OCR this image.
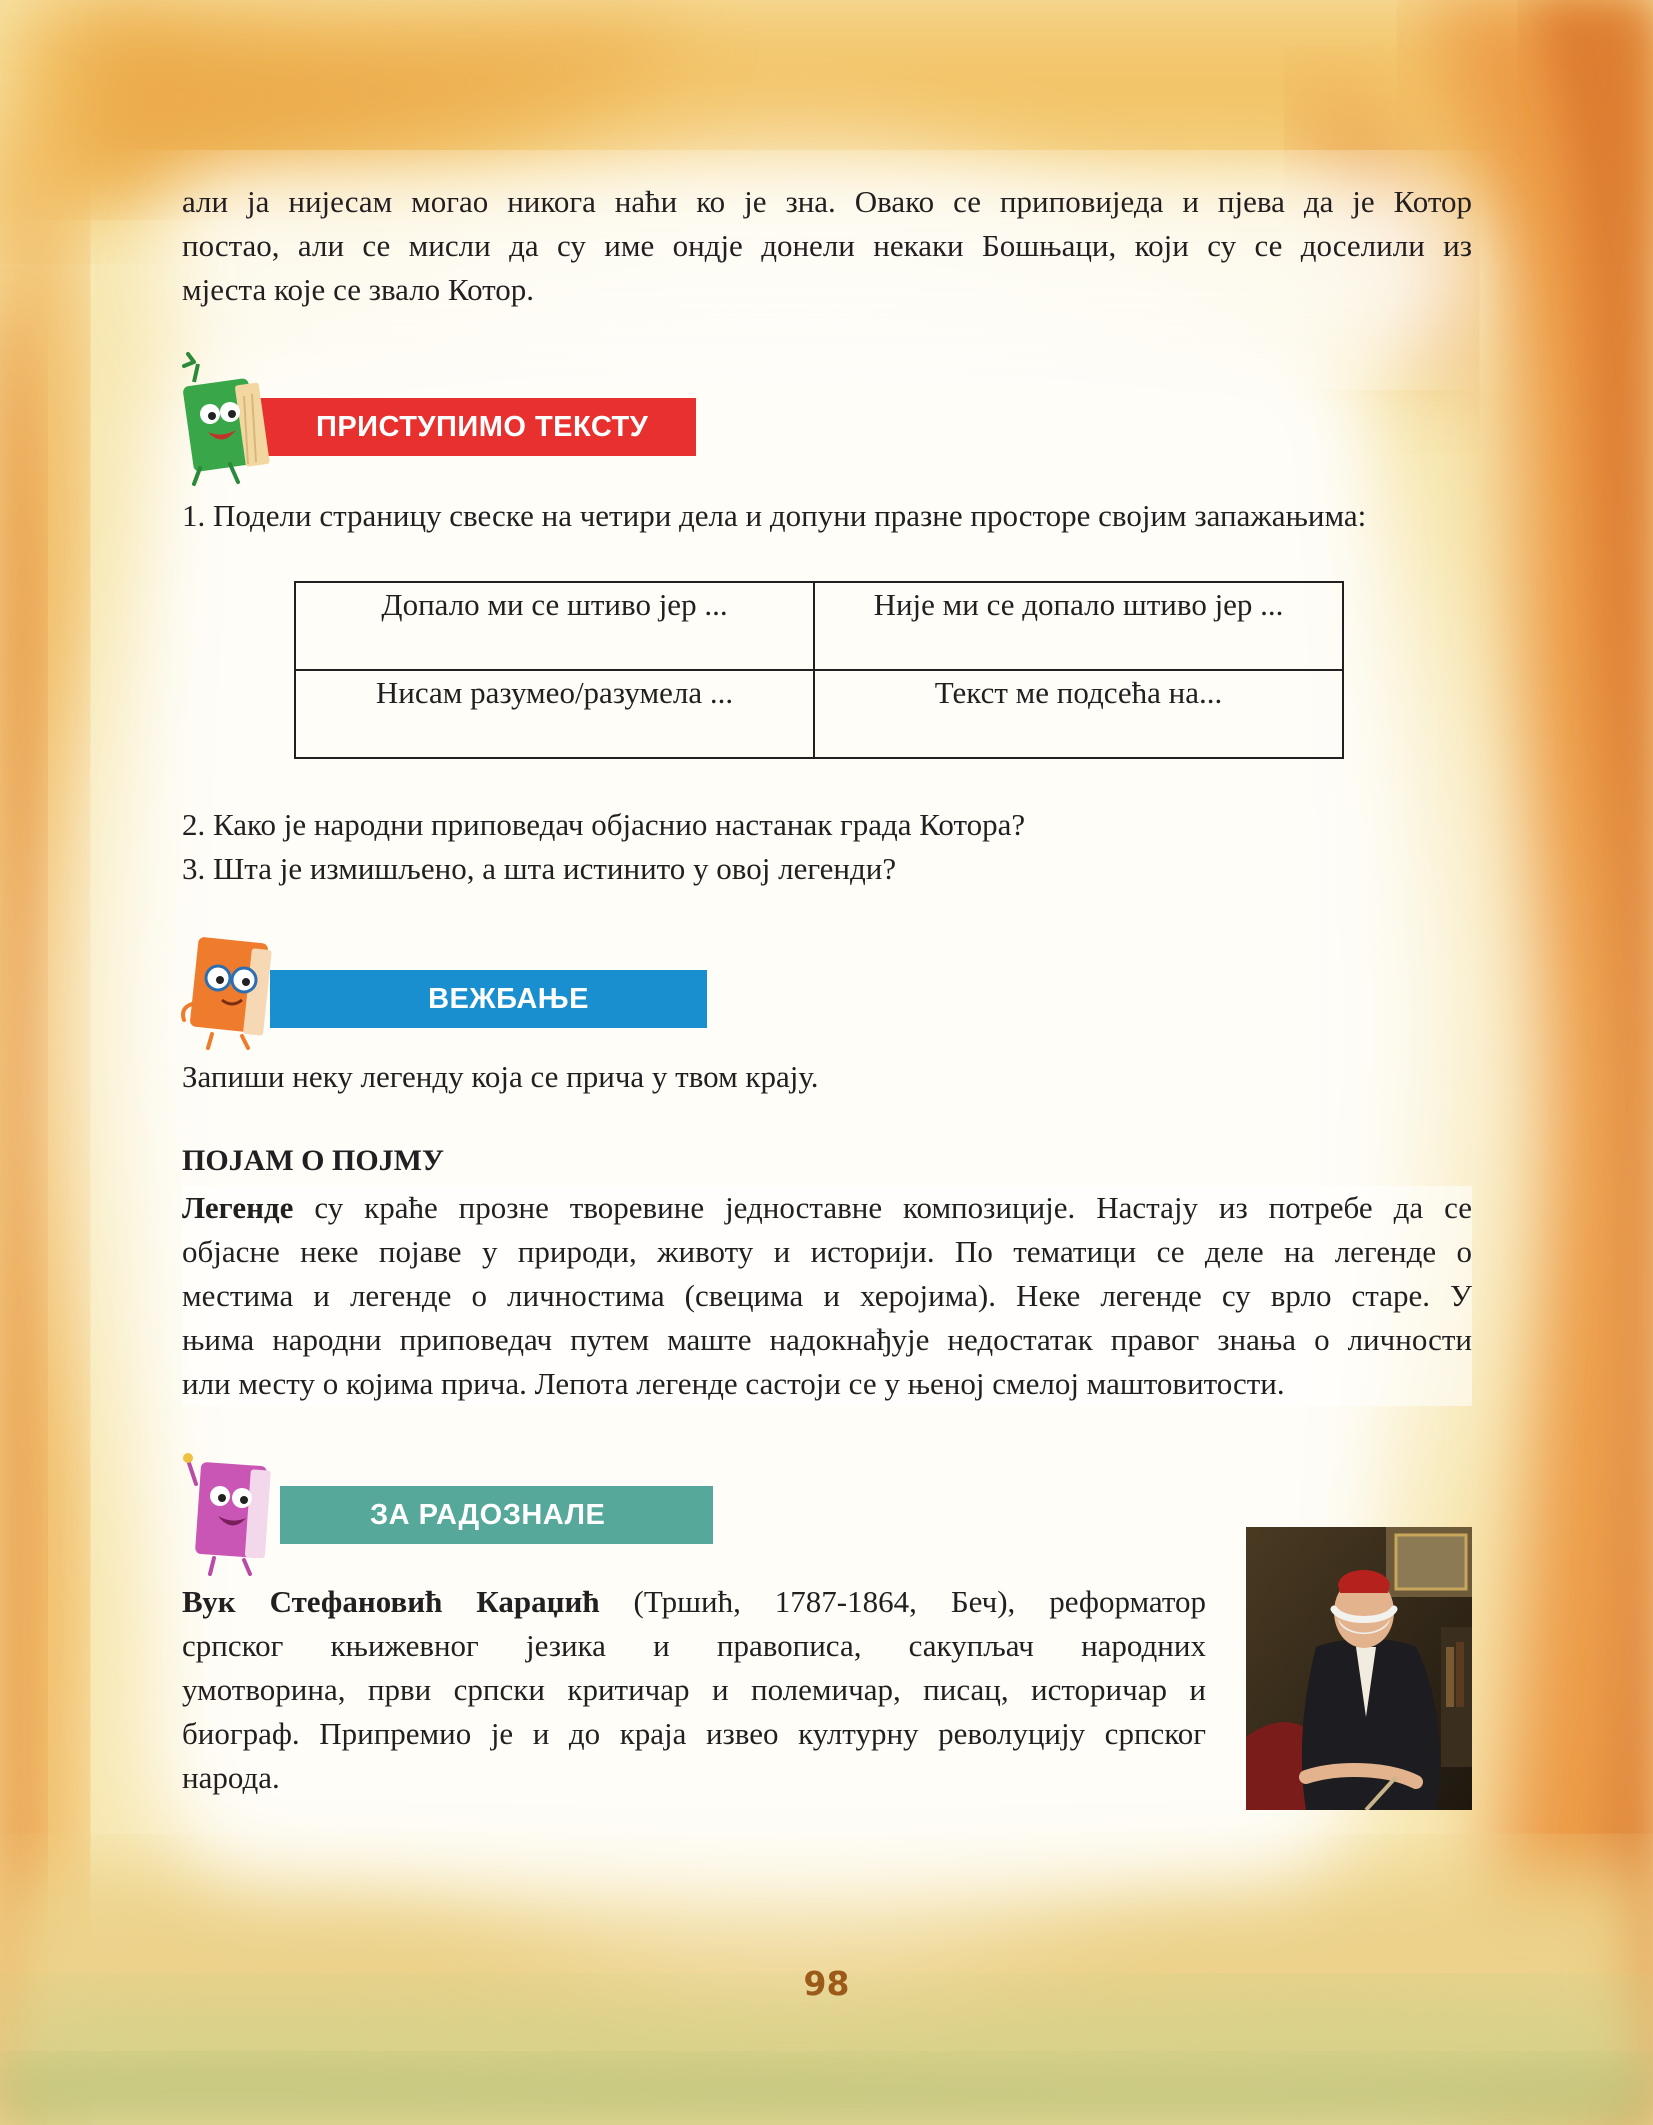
али ја нијесам могао никога наћи ко је зна. Овако се приповиједа и пјева да је Котор
постао, али се мисли да су име ондје донели некаки Бошњаци, који су се доселили из
мјеста које се звало Котор.

ПРИСТУПИМО ТЕКСТУ

1. Подели страницу свеске на четири дела и допуни празне просторе својим запажањима:

Допало ми се штиво јер ...	Није ми се допало штиво јер ...
Нисам разумео/разумела ...	Текст ме подсећа на...

2. Како је народни приповедач објаснио настанак града Котора?

3. Шта је измишљено, а шта истинито у овој легенди?

ВЕЖБАЊЕ

Запиши неку легенду која се прича у твом крају.

ПОЈАМ О ПОЈМУ

Легенде су краће прозне творевине једноставне композиције. Настају из потребе да се
објасне неке појаве у природи, животу и историји. По тематици се деле на легенде о
местима и легенде о личностима (свецима и херојима). Неке легенде су врло старе. У
њима народни приповедач путем маште надокнађује недостатак правог знања о личности
или месту о којима прича. Лепота легенде састоји се у њеној смелој маштовитости.

ЗА РАДОЗНАЛЕ

Вук Стефановић Караџић (Тршић, 1787-1864, Беч), реформатор
српског књижевног језика и правописа, сакупљач народних
умотворина, први српски критичар и полемичар, писац, историчар и
биограф. Припремио је и до краја извео културну револуцију српског
народа.

98
